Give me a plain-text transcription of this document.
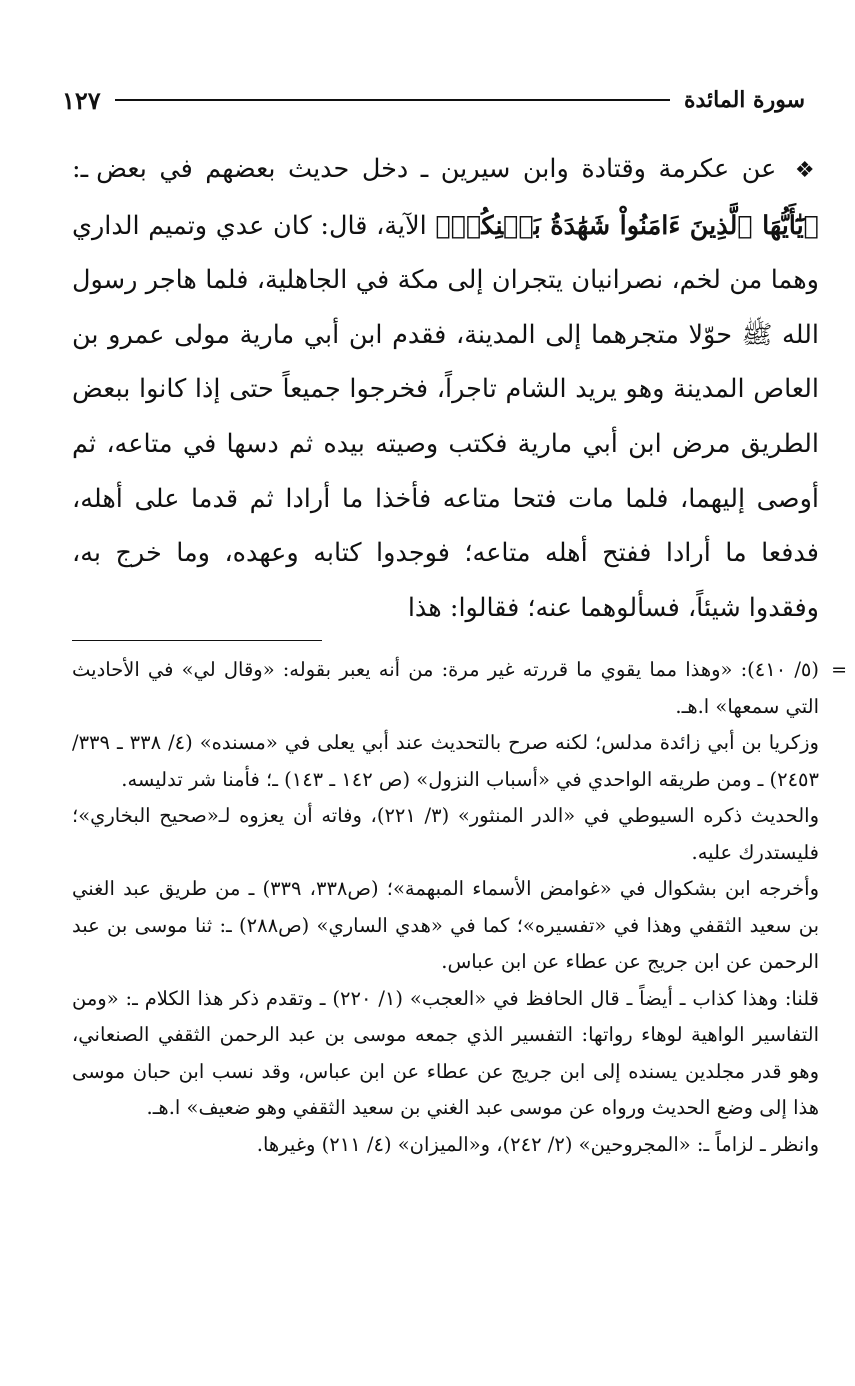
سورة المائدة
١٢٧

❖ عن عكرمة وقتادة وابن سيرين ـ دخل حديث بعضهم في بعض ـ: ﴿يَٰٓأَيُّهَا ٱلَّذِينَ ءَامَنُواْ شَهَٰدَةُ بَيۡنِكُمۡ﴾ الآية، قال: كان عدي وتميم الداري وهما من لخم، نصرانيان يتجران إلى مكة في الجاهلية، فلما هاجر رسول الله ﷺ حوّلا متجرهما إلى المدينة، فقدم ابن أبي مارية مولى عمرو بن العاص المدينة وهو يريد الشام تاجراً، فخرجوا جميعاً حتى إذا كانوا ببعض الطريق مرض ابن أبي مارية فكتب وصيته بيده ثم دسها في متاعه، ثم أوصى إليهما، فلما مات فتحا متاعه فأخذا ما أرادا ثم قدما على أهله، فدفعا ما أرادا ففتح أهله متاعه؛ فوجدوا كتابه وعهده، وما خرج به، وفقدوا شيئاً، فسألوهما عنه؛ فقالوا: هذا

=
(٥/ ٤١٠): «وهذا مما يقوي ما قررته غير مرة: من أنه يعبر بقوله: «وقال لي» في الأحاديث التي سمعها» ا.هـ.

وزكريا بن أبي زائدة مدلس؛ لكنه صرح بالتحديث عند أبي يعلى في «مسنده» (٤/ ٣٣٨ ـ ٣٣٩/ ٢٤٥٣) ـ ومن طريقه الواحدي في «أسباب النزول» (ص ١٤٢ ـ ١٤٣) ـ؛ فأمنا شر تدليسه.

والحديث ذكره السيوطي في «الدر المنثور» (٣/ ٢٢١)، وفاته أن يعزوه لـ«صحيح البخاري»؛ فليستدرك عليه.

وأخرجه ابن بشكوال في «غوامض الأسماء المبهمة»؛ (ص٣٣٨، ٣٣٩) ـ من طريق عبد الغني بن سعيد الثقفي وهذا في «تفسيره»؛ كما في «هدي الساري» (ص٢٨٨) ـ: ثنا موسى بن عبد الرحمن عن ابن جريج عن عطاء عن ابن عباس.

قلنا: وهذا كذاب ـ أيضاً ـ قال الحافظ في «العجب» (١/ ٢٢٠) ـ وتقدم ذكر هذا الكلام ـ: «ومن التفاسير الواهية لوهاء رواتها: التفسير الذي جمعه موسى بن عبد الرحمن الثقفي الصنعاني، وهو قدر مجلدين يسنده إلى ابن جريج عن عطاء عن ابن عباس، وقد نسب ابن حبان موسى هذا إلى وضع الحديث ورواه عن موسى عبد الغني بن سعيد الثقفي وهو ضعيف» ا.هـ.

وانظر ـ لزاماً ـ: «المجروحين» (٢/ ٢٤٢)، و«الميزان» (٤/ ٢١١) وغيرها.
